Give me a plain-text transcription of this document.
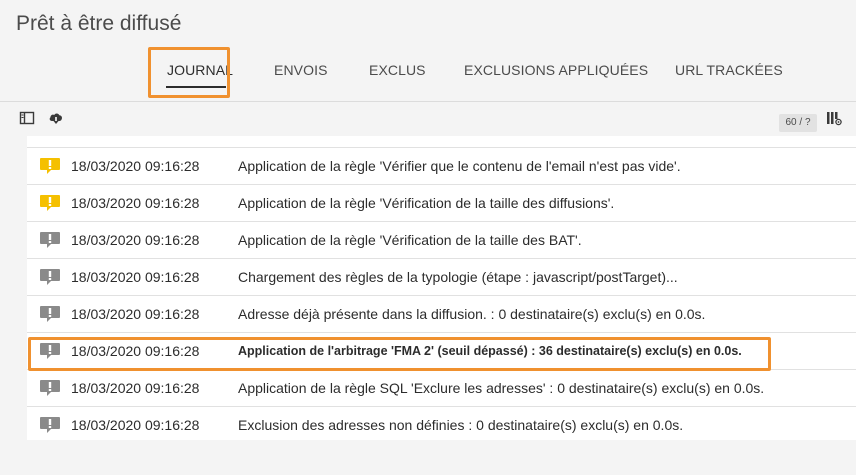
Prêt à être diffusé
JOURNAL	ENVOIS	EXCLUS	EXCLUSIONS APPLIQUÉES URL TRACKÉES
60 / ?
18/03/2020 09:16:28	Application de la règle 'Vérifier que le contenu de l'email n'est pas vide'.
18/03/2020 09:16:28	Application de la règle 'Vérification de la taille des diffusions'.
18/03/2020 09:16:28	Application de la règle 'Vérification de la taille des BAT'.
18/03/2020 09:16:28	Chargement des règles de la typologie (étape : javascript/postTarget)...
18/03/2020 09:16:28	Adresse déjà présente dans la diffusion. : 0 destinataire(s) exclu(s) en 0.0s.
18/03/2020 09:16:28	Application de l'arbitrage 'FMA 2' (seuil dépassé) : 36 destinataire(s) exclu(s) en 0.0s.
18/03/2020 09:16:28	Application de la règle SQL 'Exclure les adresses' : 0 destinataire(s) exclu(s) en 0.0s.
18/03/2020 09:16:28	Exclusion des adresses non définies : 0 destinataire(s) exclu(s) en 0.0s.
